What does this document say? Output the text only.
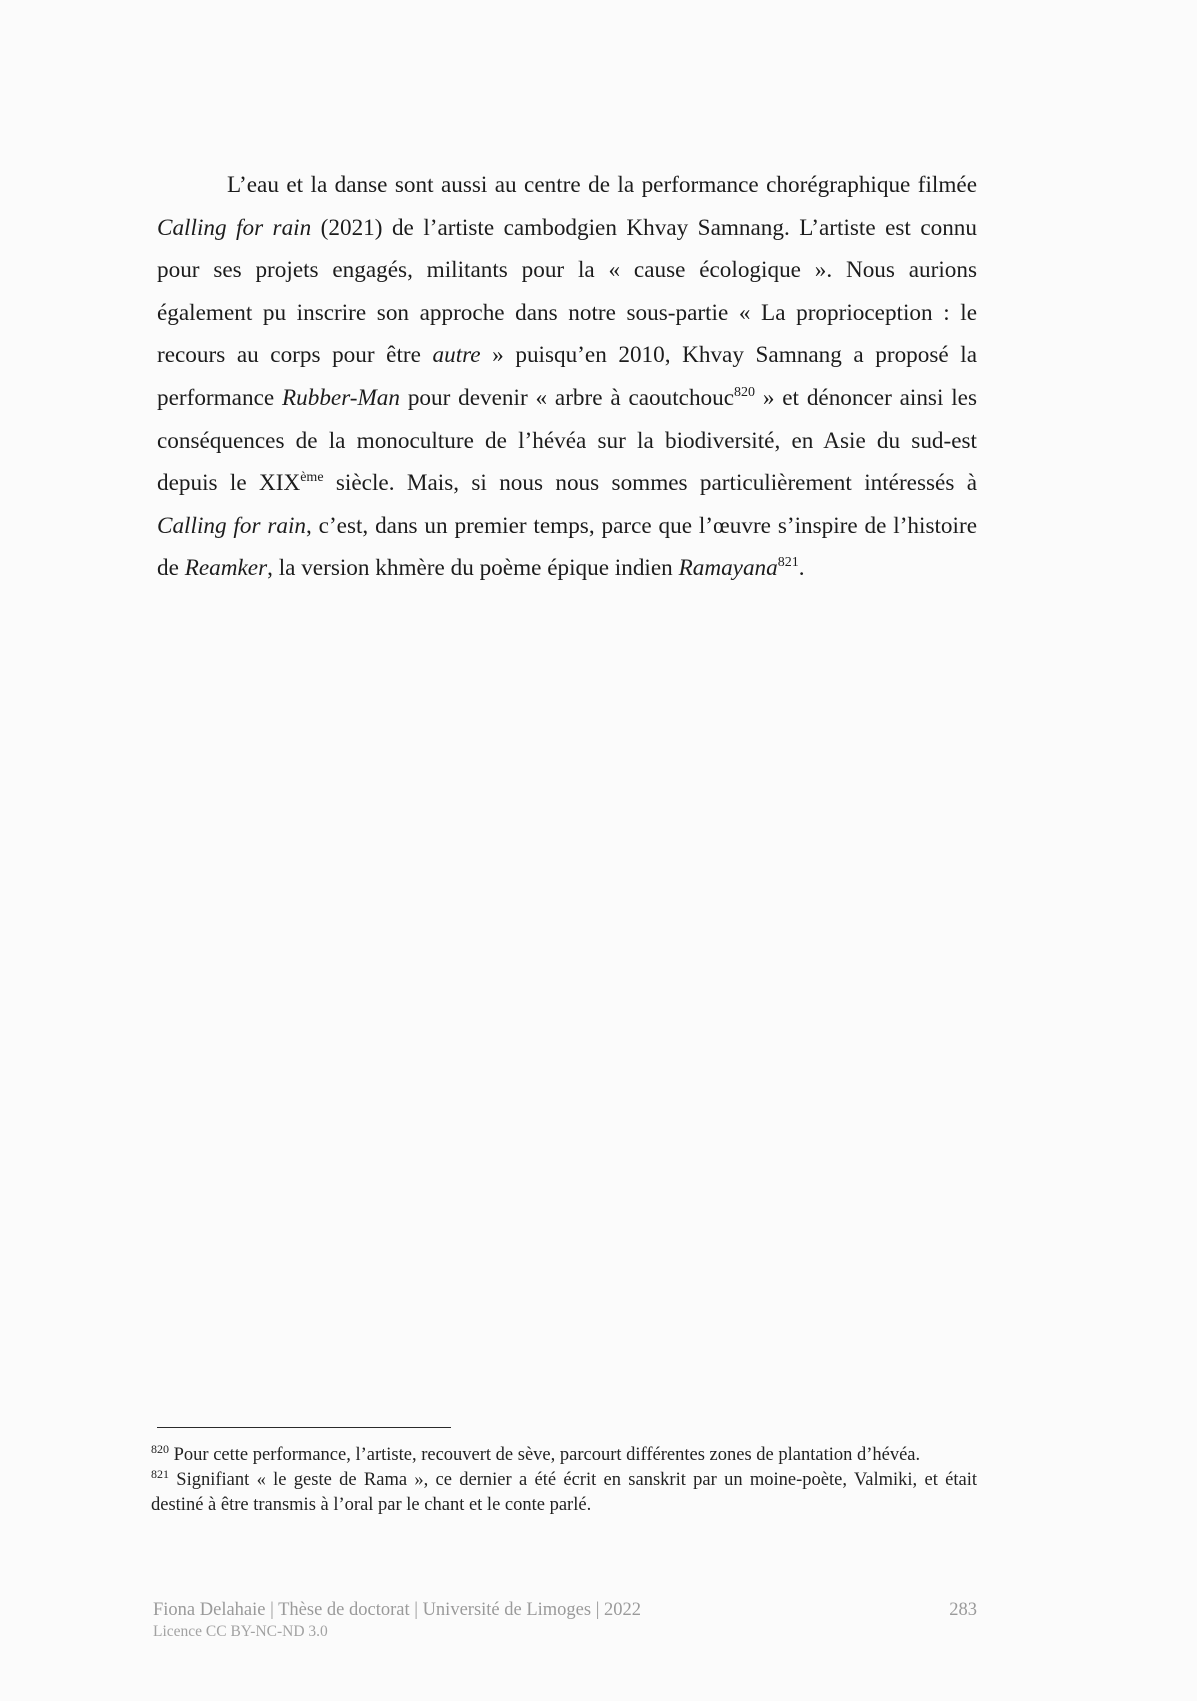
L’eau et la danse sont aussi au centre de la performance chorégraphique filmée Calling for rain (2021) de l’artiste cambodgien Khvay Samnang. L’artiste est connu pour ses projets engagés, militants pour la « cause écologique ». Nous aurions également pu inscrire son approche dans notre sous-partie « La proprioception : le recours au corps pour être autre » puisqu’en 2010, Khvay Samnang a proposé la performance Rubber-Man pour devenir « arbre à caoutchouc$^{820}$ » et dénoncer ainsi les conséquences de la monoculture de l’hévéa sur la biodiversité, en Asie du sud-est depuis le XIXème siècle. Mais, si nous nous sommes particulièrement intéressés à Calling for rain, c’est, dans un premier temps, parce que l’œuvre s’inspire de l’histoire de Reamker, la version khmère du poème épique indien Ramayana$^{821}$.

$^{820}$ Pour cette performance, l’artiste, recouvert de sève, parcourt différentes zones de plantation d’hévéa.

$^{821}$ Signifiant « le geste de Rama », ce dernier a été écrit en sanskrit par un moine-poète, Valmiki, et était destiné à être transmis à l’oral par le chant et le conte parlé.

Fiona Delahaie | Thèse de doctorat | Université de Limoges | 2022	283
Licence CC BY-NC-ND 3.0
